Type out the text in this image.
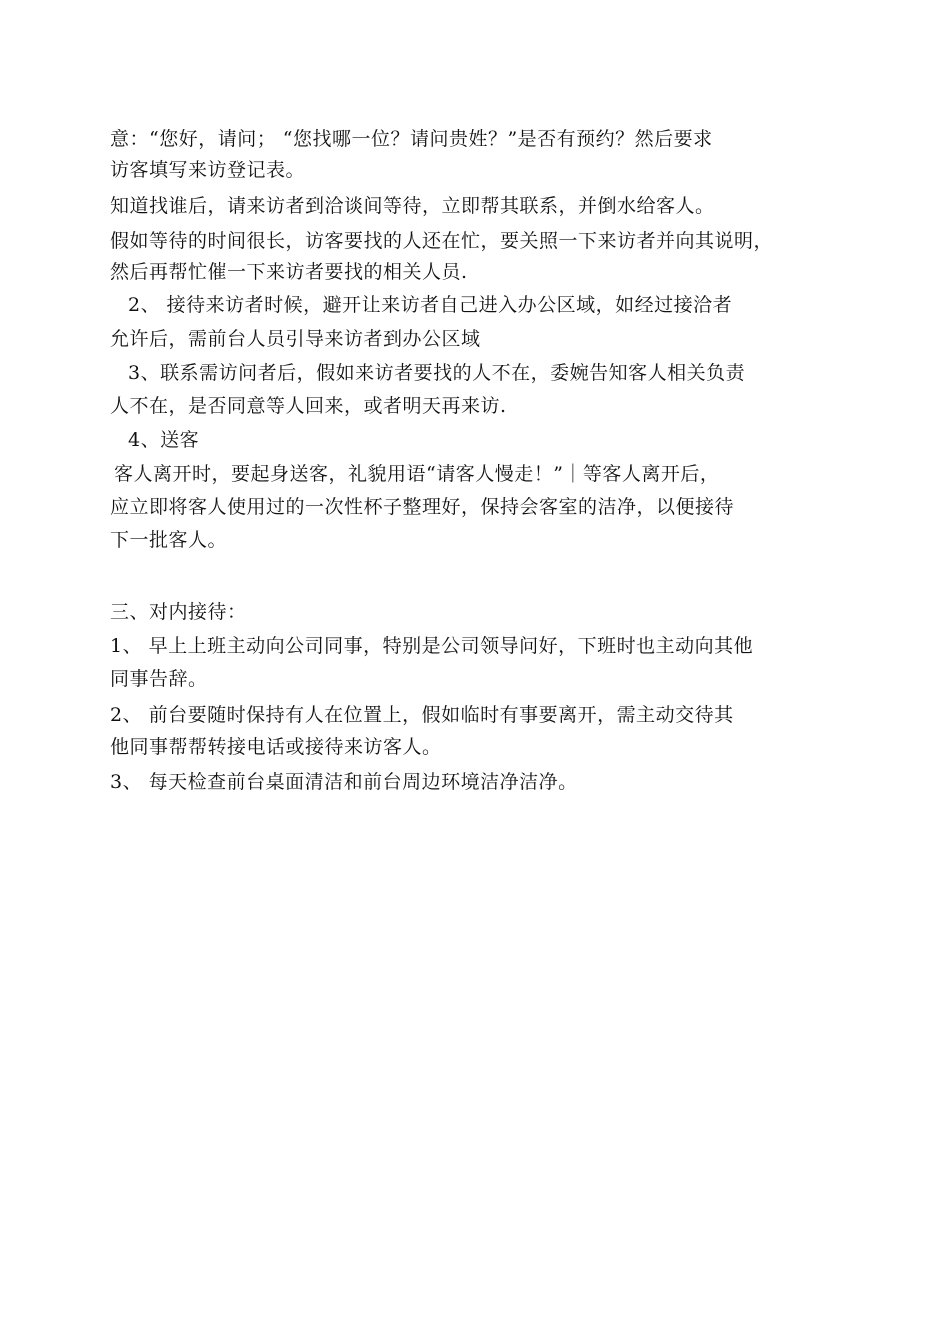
意：“您好，请问； “您找哪一位？请问贵姓？”是否有预约？然后要求
访客填写来访登记表。
知道找谁后，请来访者到洽谈间等待，立即帮其联系，并倒水给客人。
假如等待的时间很长，访客要找的人还在忙，要关照一下来访者并向其说明，
然后再帮忙催一下来访者要找的相关人员.
2、 接待来访者时候，避开让来访者自己进入办公区域，如经过接洽者
允许后，需前台人员引导来访者到办公区域
3、联系需访问者后，假如来访者要找的人不在，委婉告知客人相关负责
人不在，是否同意等人回来，或者明天再来访.
4、送客
客人离开时，要起身送客，礼貌用语“请客人慢走！”｜等客人离开后，
应立即将客人使用过的一次性杯子整理好，保持会客室的洁净，以便接待
下一批客人。
三、对内接待：
1、 早上上班主动向公司同事，特别是公司领导问好，下班时也主动向其他
同事告辞。
2、 前台要随时保持有人在位置上，假如临时有事要离开，需主动交待其
他同事帮帮转接电话或接待来访客人。
3、 每天检查前台桌面清洁和前台周边环境洁净洁净。
